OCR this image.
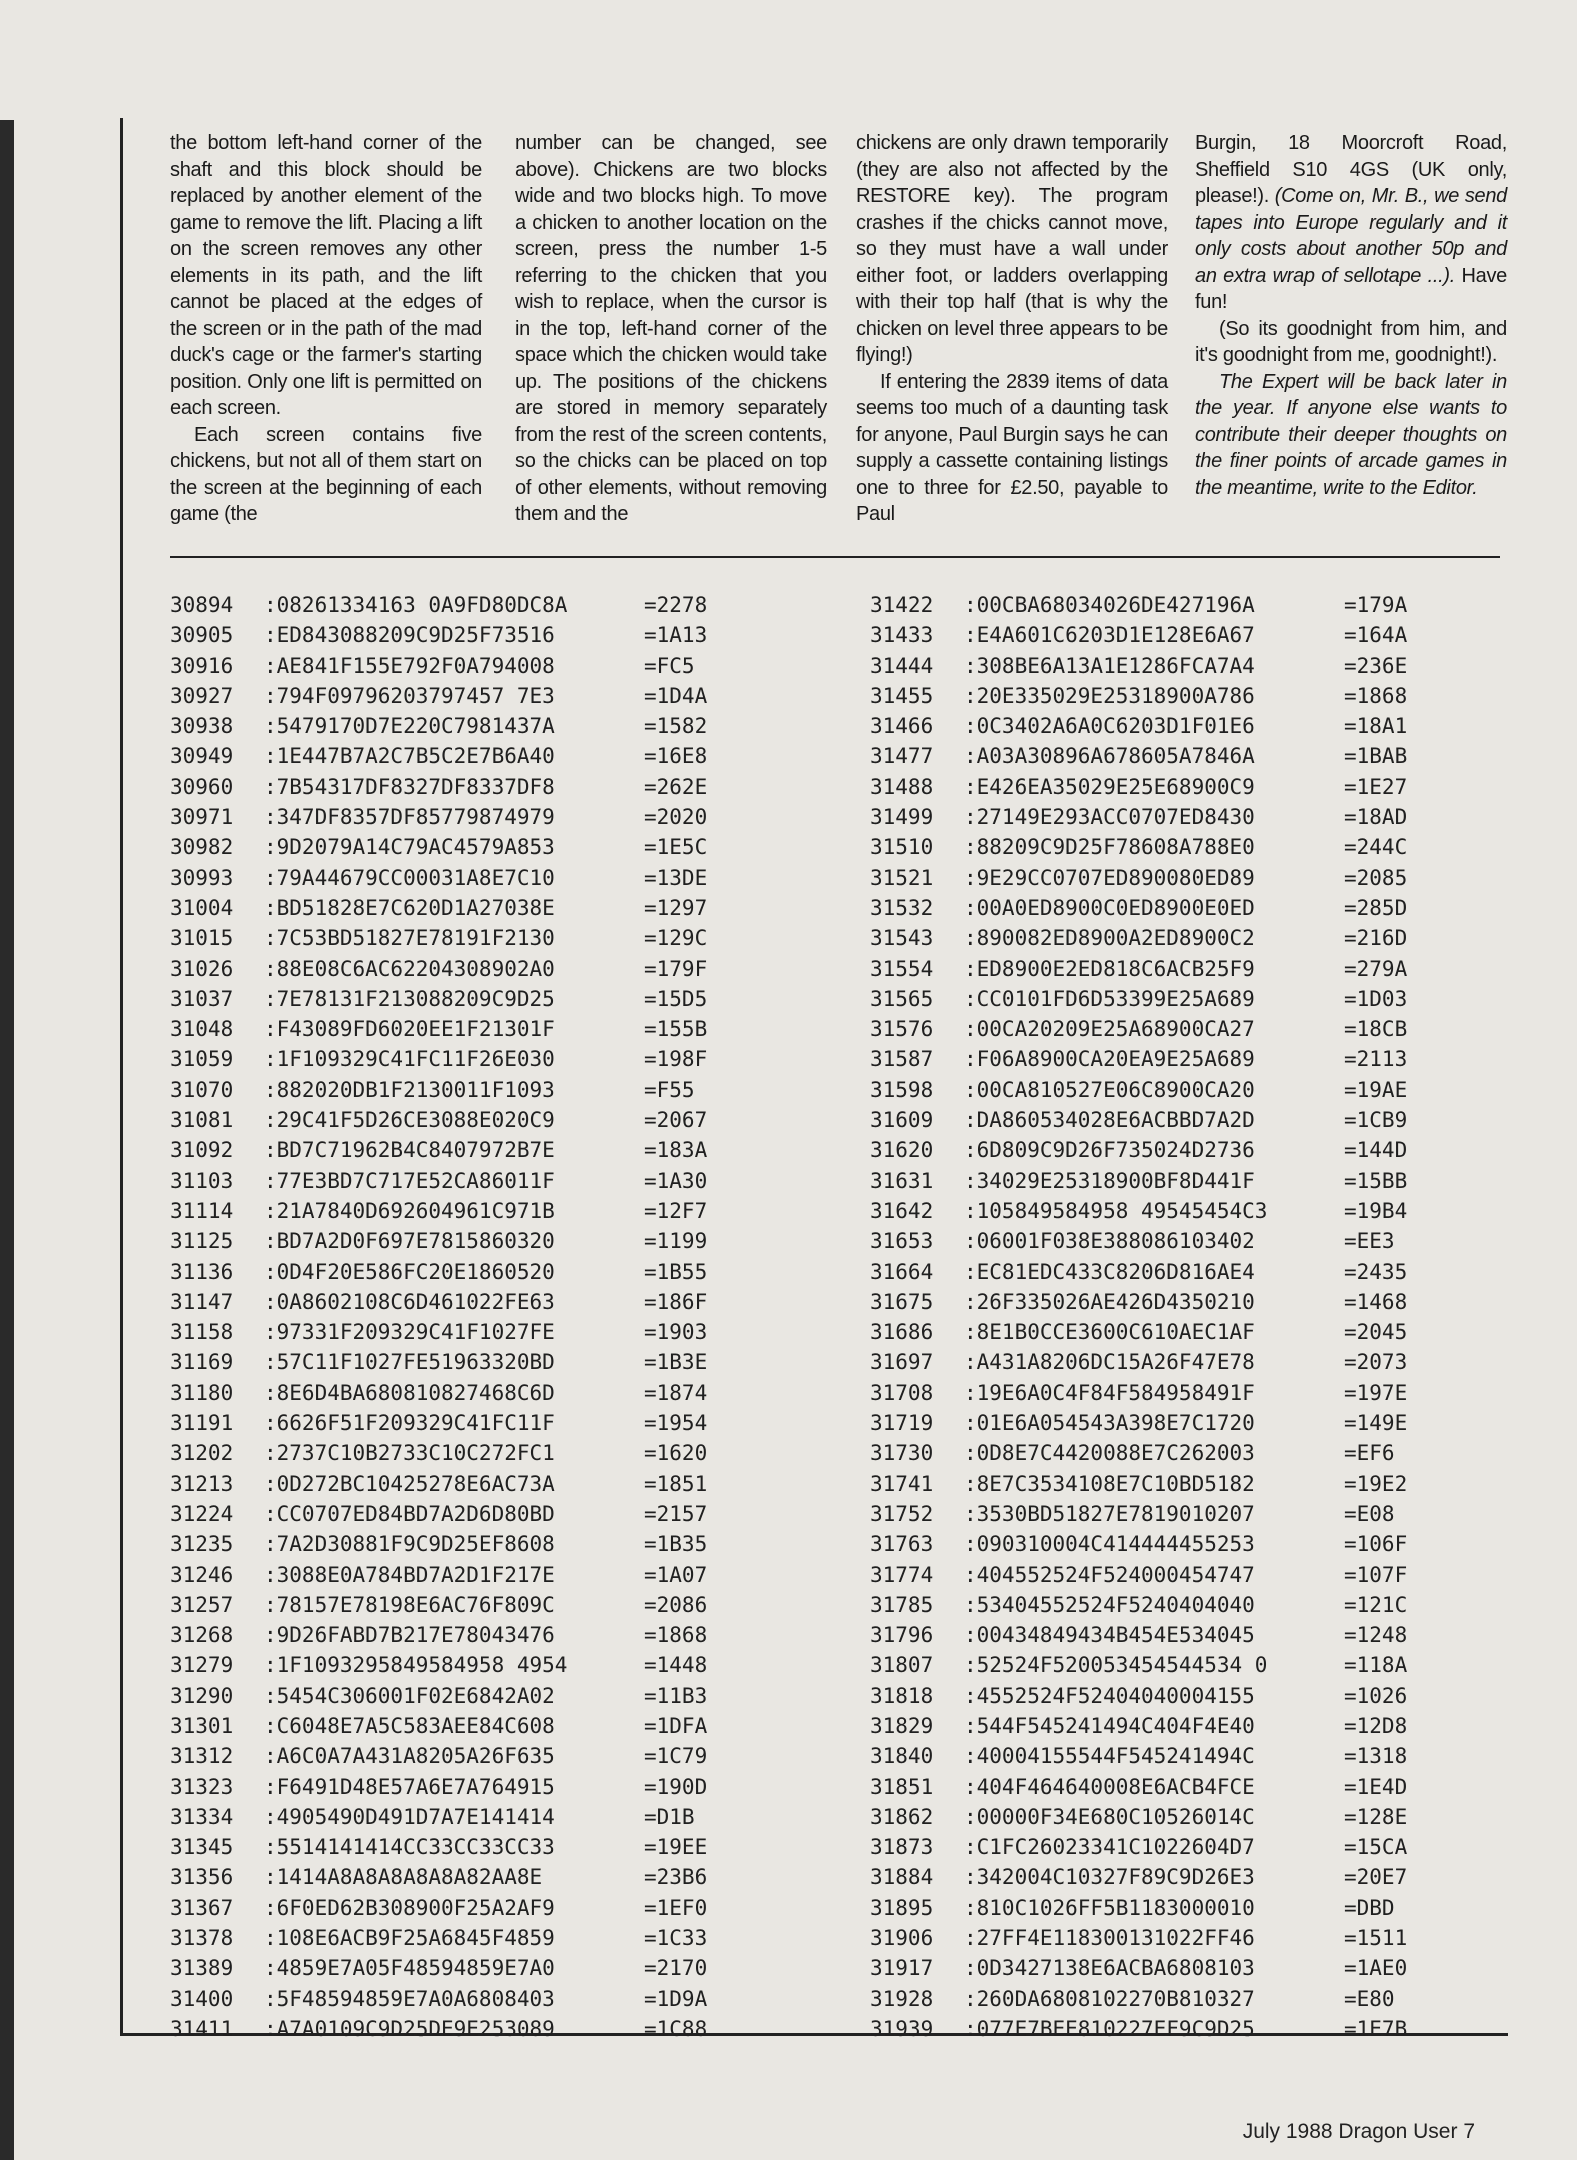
the bottom left-hand corner of the shaft and this block should be replaced by another element of the game to remove the lift. Placing a lift on the screen removes any other elements in its path, and the lift cannot be placed at the edges of the screen or in the path of the mad duck's cage or the farmer's starting position. Only one lift is permitted on each screen.

Each screen contains five chickens, but not all of them start on the screen at the beginning of each game (the

number can be changed, see above). Chickens are two blocks wide and two blocks high. To move a chicken to another location on the screen, press the number 1-5 referring to the chicken that you wish to replace, when the cursor is in the top, left-hand corner of the space which the chicken would take up. The positions of the chickens are stored in memory separately from the rest of the screen contents, so the chicks can be placed on top of other elements, without removing them and the

chickens are only drawn temporarily (they are also not affected by the RESTORE key). The program crashes if the chicks cannot move, so they must have a wall under either foot, or ladders overlapping with their top half (that is why the chicken on level three appears to be flying!)

If entering the 2839 items of data seems too much of a daunting task for anyone, Paul Burgin says he can supply a cassette containing listings one to three for £2.50, payable to Paul

Burgin, 18 Moorcroft Road, Sheffield S10 4GS (UK only, please!). (Come on, Mr. B., we send tapes into Europe regularly and it only costs about another 50p and an extra wrap of sellotape ...). Have fun!

(So its goodnight from him, and it's goodnight from me, goodnight!).

The Expert will be back later in the year. If anyone else wants to contribute their deeper thoughts on the finer points of arcade games in the meantime, write to the Editor.

30894	:08261334163 0A9FD80DC8A	=2278
30905	:ED843088209C9D25F73516	=1A13
30916	:AE841F155E792F0A794008	=FC5
30927	:794F09796203797457 7E3	=1D4A
30938	:5479170D7E220C7981437A	=1582
30949	:1E447B7A2C7B5C2E7B6A40	=16E8
30960	:7B54317DF8327DF8337DF8	=262E
30971	:347DF8357DF85779874979	=2020
30982	:9D2079A14C79AC4579A853	=1E5C
30993	:79A44679CC00031A8E7C10	=13DE
31004	:BD51828E7C620D1A27038E	=1297
31015	:7C53BD51827E78191F2130	=129C
31026	:88E08C6AC62204308902A0	=179F
31037	:7E78131F213088209C9D25	=15D5
31048	:F43089FD6020EE1F21301F	=155B
31059	:1F109329C41FC11F26E030	=198F
31070	:882020DB1F2130011F1093	=F55
31081	:29C41F5D26CE3088E020C9	=2067
31092	:BD7C71962B4C8407972B7E	=183A
31103	:77E3BD7C717E52CA86011F	=1A30
31114	:21A7840D692604961C971B	=12F7
31125	:BD7A2D0F697E7815860320	=1199
31136	:0D4F20E586FC20E1860520	=1B55
31147	:0A8602108C6D461022FE63	=186F
31158	:97331F209329C41F1027FE	=1903
31169	:57C11F1027FE51963320BD	=1B3E
31180	:8E6D4BA680810827468C6D	=1874
31191	:6626F51F209329C41FC11F	=1954
31202	:2737C10B2733C10C272FC1	=1620
31213	:0D272BC10425278E6AC73A	=1851
31224	:CC0707ED84BD7A2D6D80BD	=2157
31235	:7A2D30881F9C9D25EF8608	=1B35
31246	:3088E0A784BD7A2D1F217E	=1A07
31257	:78157E78198E6AC76F809C	=2086
31268	:9D26FABD7B217E78043476	=1868
31279	:1F1093295849584958 4954	=1448
31290	:5454C306001F02E6842A02	=11B3
31301	:C6048E7A5C583AEE84C608	=1DFA
31312	:A6C0A7A431A8205A26F635	=1C79
31323	:F6491D48E57A6E7A764915	=190D
31334	:4905490D491D7A7E141414	=D1B
31345	:5514141414CC33CC33CC33	=19EE
31356	:1414A8A8A8A8A8A82AA8E	=23B6
31367	:6F0ED62B308900F25A2AF9	=1EF0
31378	:108E6ACB9F25A6845F4859	=1C33
31389	:4859E7A05F48594859E7A0	=2170
31400	:5F48594859E7A0A6808403	=1D9A
31411	:A7A0109C9D25DE9E253089	=1C88
31422	:00CBA68034026DE427196A	=179A
31433	:E4A601C6203D1E128E6A67	=164A
31444	:308BE6A13A1E1286FCA7A4	=236E
31455	:20E335029E25318900A786	=1868
31466	:0C3402A6A0C6203D1F01E6	=18A1
31477	:A03A30896A678605A7846A	=1BAB
31488	:E426EA35029E25E68900C9	=1E27
31499	:27149E293ACC0707ED8430	=18AD
31510	:88209C9D25F78608A788E0	=244C
31521	:9E29CC0707ED890080ED89	=2085
31532	:00A0ED8900C0ED8900E0ED	=285D
31543	:890082ED8900A2ED8900C2	=216D
31554	:ED8900E2ED818C6ACB25F9	=279A
31565	:CC0101FD6D53399E25A689	=1D03
31576	:00CA20209E25A68900CA27	=18CB
31587	:F06A8900CA20EA9E25A689	=2113
31598	:00CA810527E06C8900CA20	=19AE
31609	:DA860534028E6ACBBD7A2D	=1CB9
31620	:6D809C9D26F735024D2736	=144D
31631	:34029E25318900BF8D441F	=15BB
31642	:105849584958 49545454C3	=19B4
31653	:06001F038E388086103402	=EE3
31664	:EC81EDC433C8206D816AE4	=2435
31675	:26F335026AE426D4350210	=1468
31686	:8E1B0CCE3600C610AEC1AF	=2045
31697	:A431A8206DC15A26F47E78	=2073
31708	:19E6A0C4F84F584958491F	=197E
31719	:01E6A054543A398E7C1720	=149E
31730	:0D8E7C4420088E7C262003	=EF6
31741	:8E7C3534108E7C10BD5182	=19E2
31752	:3530BD51827E7819010207	=E08
31763	:090310004C414444455253	=106F
31774	:404552524F524000454747	=107F
31785	:53404552524F5240404040	=121C
31796	:00434849434B454E534045	=1248
31807	:52524F520053454544534 0	=118A
31818	:4552524F52404040004155	=1026
31829	:544F545241494C404F4E40	=12D8
31840	:40004155544F545241494C	=1318
31851	:404F464640008E6ACB4FCE	=1E4D
31862	:00000F34E680C10526014C	=128E
31873	:C1FC26023341C1022604D7	=15CA
31884	:342004C10327F89C9D26E3	=20E7
31895	:810C1026FF5B1183000010	=DBD
31906	:27FF4E118300131022FF46	=1511
31917	:0D3427138E6ACBA6808103	=1AE0
31928	:260DA6808102270B810327	=E80
31939	:077E7BEE810227EF9C9D25	=1E7B
July 1988 Dragon User 7
